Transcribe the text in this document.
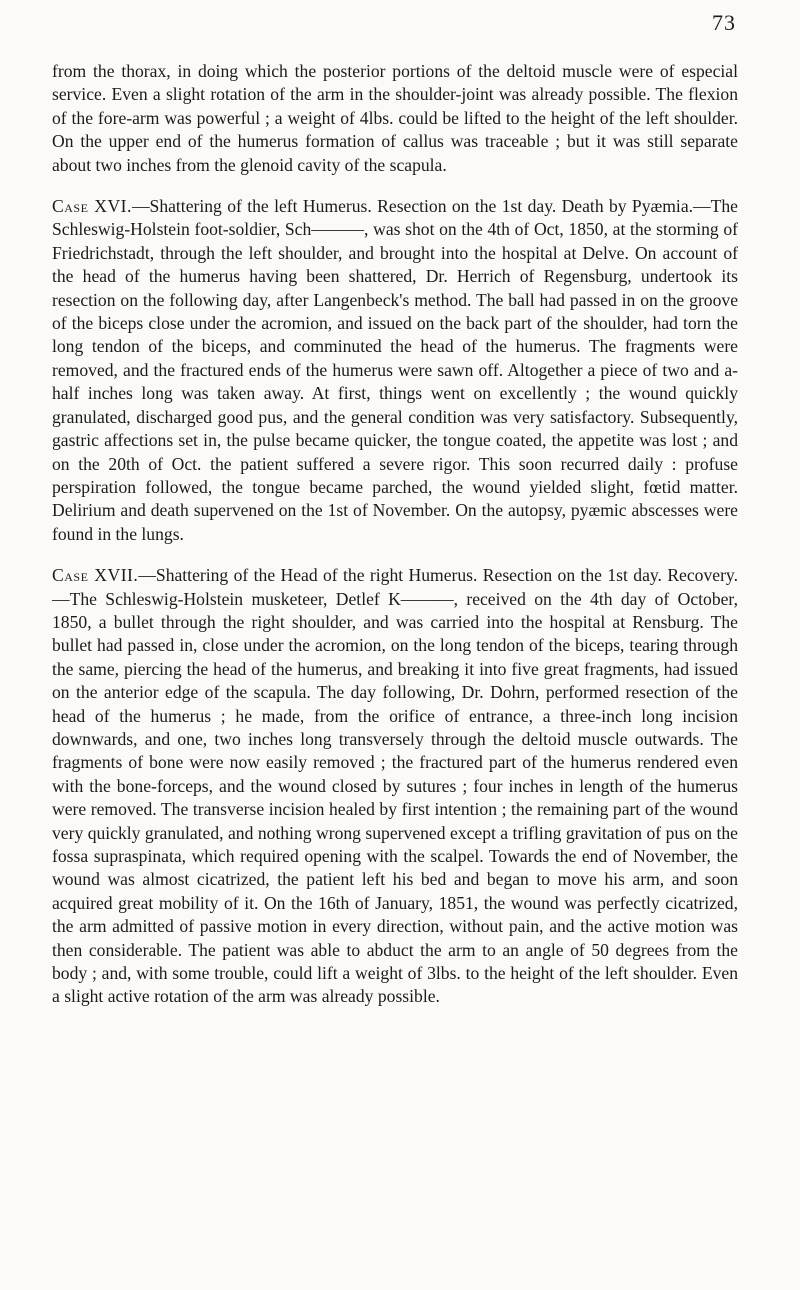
73

from the thorax, in doing which the posterior portions of the deltoid muscle were of especial service. Even a slight rotation of the arm in the shoulder-joint was already possible. The flexion of the fore-arm was powerful ; a weight of 4lbs. could be lifted to the height of the left shoulder. On the upper end of the humerus formation of callus was traceable ; but it was still separate about two inches from the glenoid cavity of the scapula.

Case XVI.—Shattering of the left Humerus. Resection on the 1st day. Death by Pyæmia.—The Schleswig-Holstein foot-soldier, Sch———, was shot on the 4th of Oct, 1850, at the storming of Friedrichstadt, through the left shoulder, and brought into the hospital at Delve. On account of the head of the humerus having been shattered, Dr. Herrich of Regensburg, undertook its resection on the following day, after Langenbeck's method. The ball had passed in on the groove of the biceps close under the acromion, and issued on the back part of the shoulder, had torn the long tendon of the biceps, and comminuted the head of the humerus. The fragments were removed, and the fractured ends of the humerus were sawn off. Altogether a piece of two and a-half inches long was taken away. At first, things went on excellently ; the wound quickly granulated, discharged good pus, and the general condition was very satisfactory. Subsequently, gastric affections set in, the pulse became quicker, the tongue coated, the appetite was lost ; and on the 20th of Oct. the patient suffered a severe rigor. This soon recurred daily : profuse perspiration followed, the tongue became parched, the wound yielded slight, fœtid matter. Delirium and death supervened on the 1st of November. On the autopsy, pyæmic abscesses were found in the lungs.

Case XVII.—Shattering of the Head of the right Humerus. Resection on the 1st day. Recovery.—The Schleswig-Holstein musketeer, Detlef K———, received on the 4th day of October, 1850, a bullet through the right shoulder, and was carried into the hospital at Rensburg. The bullet had passed in, close under the acromion, on the long tendon of the biceps, tearing through the same, piercing the head of the humerus, and breaking it into five great fragments, had issued on the anterior edge of the scapula. The day following, Dr. Dohrn, performed resection of the head of the humerus ; he made, from the orifice of entrance, a three-inch long incision downwards, and one, two inches long transversely through the deltoid muscle outwards. The fragments of bone were now easily removed ; the fractured part of the humerus rendered even with the bone-forceps, and the wound closed by sutures ; four inches in length of the humerus were removed. The transverse incision healed by first intention ; the remaining part of the wound very quickly granulated, and nothing wrong supervened except a trifling gravitation of pus on the fossa supraspinata, which required opening with the scalpel. Towards the end of November, the wound was almost cicatrized, the patient left his bed and began to move his arm, and soon acquired great mobility of it. On the 16th of January, 1851, the wound was perfectly cicatrized, the arm admitted of passive motion in every direction, without pain, and the active motion was then considerable. The patient was able to abduct the arm to an angle of 50 degrees from the body ; and, with some trouble, could lift a weight of 3lbs. to the height of the left shoulder. Even a slight active rotation of the arm was already possible.
